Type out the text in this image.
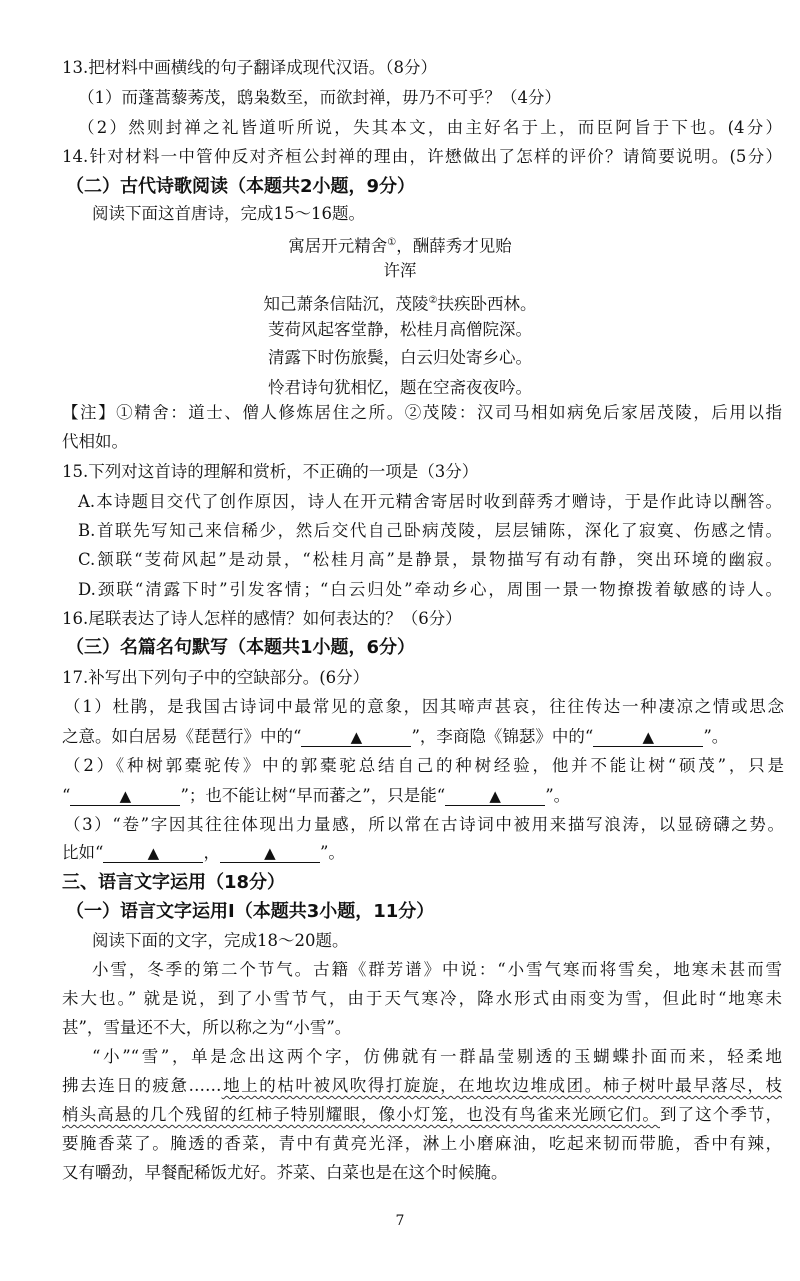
13.把材料中画横线的句子翻译成现代汉语。（8分）
（1）而蓬蒿藜莠茂，鸱枭数至，而欲封禅，毋乃不可乎？（4分）
（2）然则封禅之礼皆道听所说，失其本文，由主好名于上，而臣阿旨于下也。(4分）
14.针对材料一中管仲反对齐桓公封禅的理由，许懋做出了怎样的评价？请简要说明。(5分）
（二）古代诗歌阅读（本题共2小题，9分）
阅读下面这首唐诗，完成15～16题。
寓居开元精舍①，酬薛秀才见贻
许浑
知己萧条信陆沉，茂陵②扶疾卧西林。
芰荷风起客堂静，松桂月高僧院深。
清露下时伤旅鬓，白云归处寄乡心。
怜君诗句犹相忆，题在空斋夜夜吟。
【注】①精舍：道士、僧人修炼居住之所。②茂陵：汉司马相如病免后家居茂陵，后用以指
代相如。
15.下列对这首诗的理解和赏析，不正确的一项是（3分）
A.本诗题目交代了创作原因，诗人在开元精舍寄居时收到薛秀才赠诗，于是作此诗以酬答。
B.首联先写知己来信稀少，然后交代自己卧病茂陵，层层铺陈，深化了寂寞、伤感之情。
C.颔联“芰荷风起”是动景，“松桂月高”是静景，景物描写有动有静，突出环境的幽寂。
D.颈联“清露下时”引发客情；“白云归处”牵动乡心，周围一景一物撩拨着敏感的诗人。
16.尾联表达了诗人怎样的感情？如何表达的？（6分）
（三）名篇名句默写（本题共1小题，6分）
17.补写出下列句子中的空缺部分。(6分）
（1）杜鹃，是我国古诗词中最常见的意象，因其啼声甚哀，往往传达一种凄凉之情或思念
之意。如白居易《琵琶行》中的“	▲	”，李商隐《锦瑟》中的“	▲	”。
（2）《种树郭橐驼传》中的郭橐驼总结自己的种树经验，他并不能让树“硕茂”，只是
“	▲	”；也不能让树“早而蕃之”，只是能“	▲	”。
（3）“卷”字因其往往体现出力量感，所以常在古诗词中被用来描写浪涛，以显磅礴之势。
比如“	▲	，	▲	”。
三、语言文字运用（18分）
（一）语言文字运用Ⅰ（本题共3小题，11分）
阅读下面的文字，完成18～20题。
小雪，冬季的第二个节气。古籍《群芳谱》中说：“小雪气寒而将雪矣，地寒未甚而雪
未大也。” 就是说，到了小雪节气，由于天气寒冷，降水形式由雨变为雪，但此时“地寒未
甚”，雪量还不大，所以称之为“小雪”。
“小”“雪”，单是念出这两个字，仿佛就有一群晶莹剔透的玉蝴蝶扑面而来，轻柔地
拂去连日的疲惫……地上的枯叶被风吹得打旋旋，在地坎边堆成团。柿子树叶最早落尽，枝
梢头高悬的几个残留的红柿子特别耀眼，像小灯笼，也没有鸟雀来光顾它们。到了这个季节，
要腌香菜了。腌透的香菜，青中有黄亮光泽，淋上小磨麻油，吃起来韧而带脆，香中有辣，
又有嚼劲，早餐配稀饭尤好。芥菜、白菜也是在这个时候腌。
7
